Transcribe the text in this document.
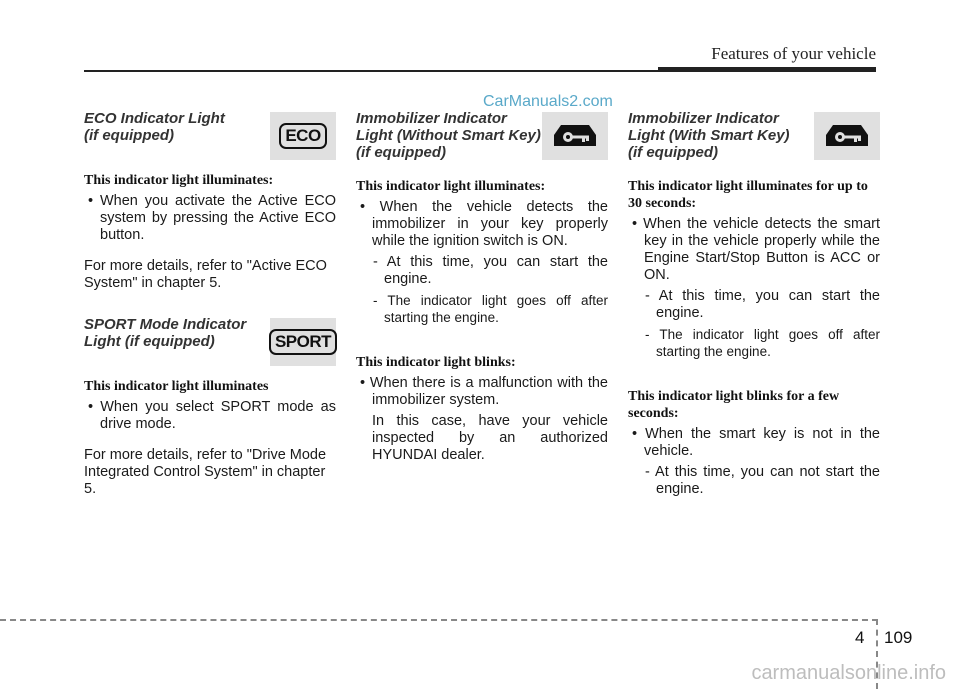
Features of your vehicle
CarManuals2.com

ECO Indicator Light
(if equipped)	ECO

This indicator light illuminates:

• When you activate the Active ECO system by pressing the Active ECO button.

For more details, refer to "Active ECO System" in chapter 5.

SPORT Mode Indicator
Light (if equipped)	SPORT

This indicator light illuminates

• When you select SPORT mode as drive mode.

For more details, refer to "Drive Mode Integrated Control System" in chapter 5.

Immobilizer Indicator
Light (Without Smart Key)
(if equipped)

This indicator light illuminates:

• When the vehicle detects the immobilizer in your key properly while the ignition switch is ON.

- At this time, you can start the engine.

- The indicator light goes off after starting the engine.

This indicator light blinks:

• When there is a malfunction with the immobilizer system.

In this case, have your vehicle inspected by an authorized HYUNDAI dealer.

Immobilizer Indicator
Light (With Smart Key)
(if equipped)

This indicator light illuminates for up to 30 seconds:

• When the vehicle detects the smart key in the vehicle properly while the Engine Start/Stop Button is ACC or ON.

- At this time, you can start the engine.

- The indicator light goes off after starting the engine.

This indicator light blinks for a few seconds:

• When the smart key is not in the vehicle.

- At this time, you can not start the engine.

4 109
carmanualsonline.info
